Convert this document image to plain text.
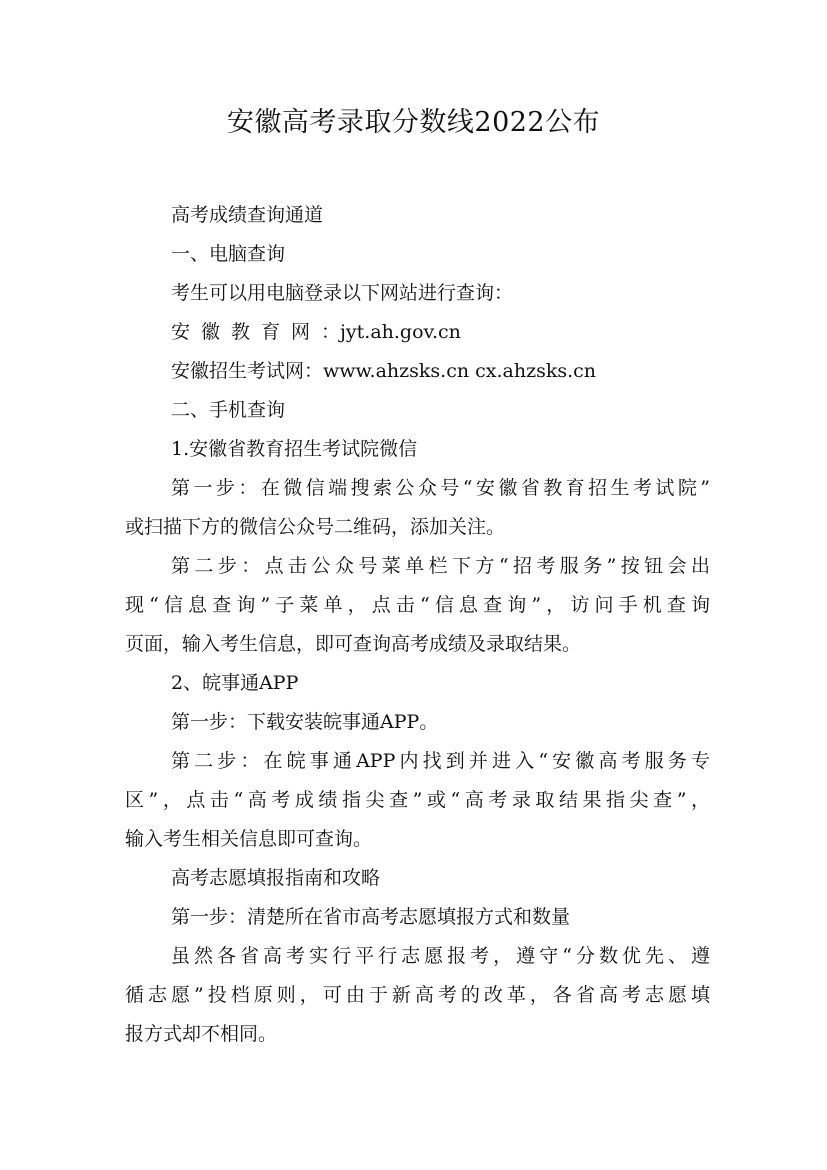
安徽高考录取分数线2022公布
高考成绩查询通道
一、电脑查询
考生可以用电脑登录以下网站进行查询：
安徽教育网：jyt.ah.gov.cn
安徽招生考试网：www.ahzsks.cn cx.ahzsks.cn
二、手机查询
1.安徽省教育招生考试院微信
第一步：在微信端搜索公众号“安徽省教育招生考试院”
或扫描下方的微信公众号二维码，添加关注。
第二步：点击公众号菜单栏下方“招考服务”按钮会出
现“信息查询”子菜单，点击“信息查询”，访问手机查询
页面，输入考生信息，即可查询高考成绩及录取结果。
2、皖事通APP
第一步：下载安装皖事通APP。
第二步：在皖事通APP内找到并进入“安徽高考服务专
区”，点击“高考成绩指尖查”或“高考录取结果指尖查”，
输入考生相关信息即可查询。
高考志愿填报指南和攻略
第一步：清楚所在省市高考志愿填报方式和数量
虽然各省高考实行平行志愿报考，遵守“分数优先、遵
循志愿”投档原则，可由于新高考的改革，各省高考志愿填
报方式却不相同。
